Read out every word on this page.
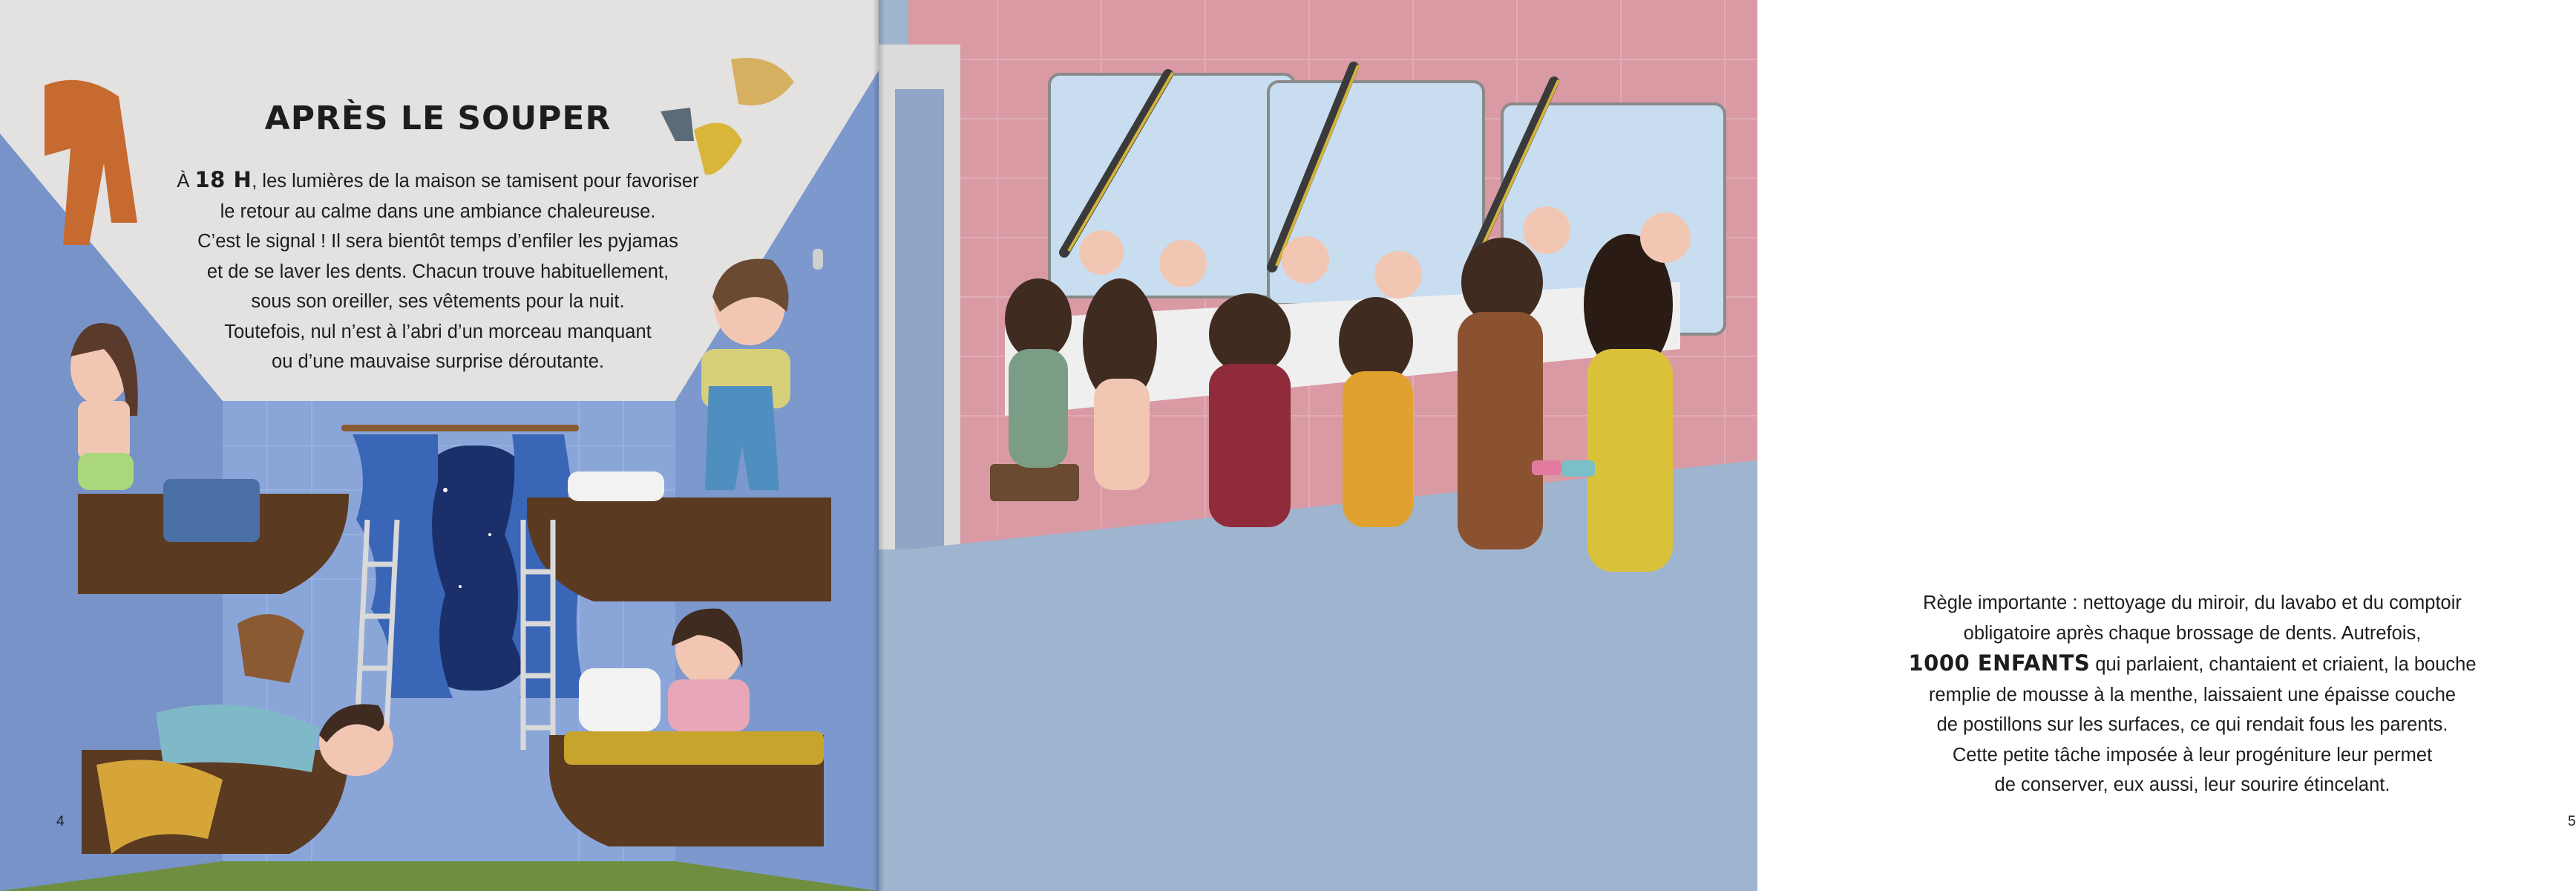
APRÈS LE SOUPER

À 18 H, les lumières de la maison se tamisent pour favoriser
le retour au calme dans une ambiance chaleureuse.
C’est le signal ! Il sera bientôt temps d’enfiler les pyjamas
et de se laver les dents. Chacun trouve habituellement,
sous son oreiller, ses vêtements pour la nuit.
Toutefois, nul n’est à l’abri d’un morceau manquant
ou d’une mauvaise surprise déroutante.

4

Règle importante : nettoyage du miroir, du lavabo et du comptoir
obligatoire après chaque brossage de dents. Autrefois,
1000 ENFANTS qui parlaient, chantaient et criaient, la bouche
remplie de mousse à la menthe, laissaient une épaisse couche
de postillons sur les surfaces, ce qui rendait fous les parents.
Cette petite tâche imposée à leur progéniture leur permet
de conserver, eux aussi, leur sourire étincelant.

5
